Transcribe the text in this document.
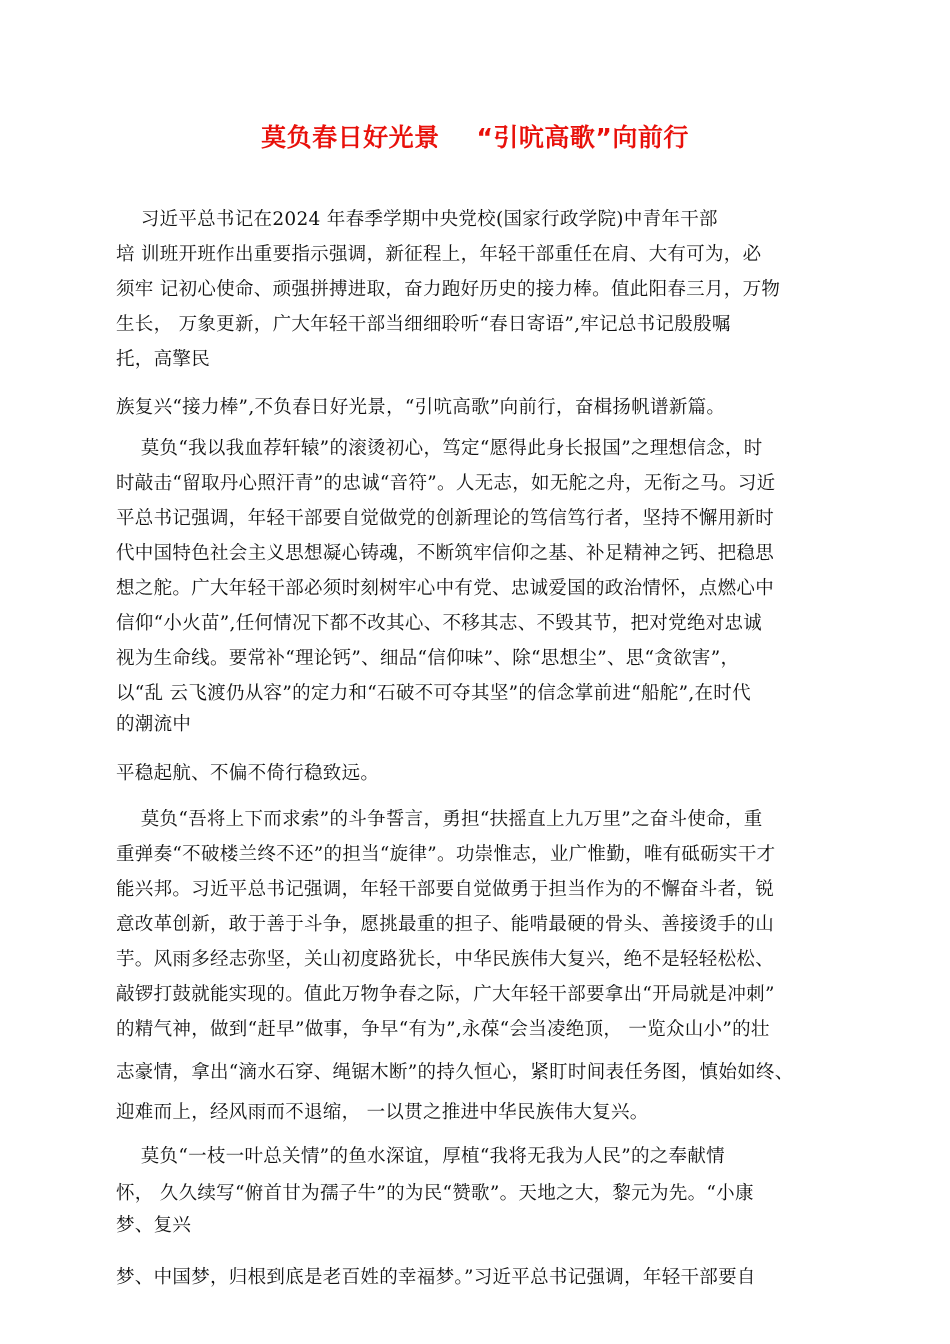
莫负春日好光景    “引吭高歌”向前行
习近平总书记在2024 年春季学期中央党校(国家行政学院)中青年干部
培 训班开班作出重要指示强调，新征程上，年轻干部重任在肩、大有可为，必
须牢 记初心使命、顽强拼搏进取，奋力跑好历史的接力棒。值此阳春三月，万物
生长， 万象更新，广大年轻干部当细细聆听“春日寄语”,牢记总书记殷殷嘱
托，高擎民
族复兴“接力棒”,不负春日好光景，“引吭高歌”向前行，奋楫扬帆谱新篇。
莫负“我以我血荐轩辕”的滚烫初心，笃定“愿得此身长报国”之理想信念，时
时敲击“留取丹心照汗青”的忠诚“音符”。人无志，如无舵之舟，无衔之马。习近
平总书记强调，年轻干部要自觉做党的创新理论的笃信笃行者，坚持不懈用新时
代中国特色社会主义思想凝心铸魂，不断筑牢信仰之基、补足精神之钙、把稳思
想之舵。广大年轻干部必须时刻树牢心中有党、忠诚爱国的政治情怀，点燃心中
信仰“小火苗”,任何情况下都不改其心、不移其志、不毁其节，把对党绝对忠诚
视为生命线。要常补“理论钙”、细品“信仰味”、除“思想尘”、思“贪欲害”，
以“乱 云飞渡仍从容”的定力和“石破不可夺其坚”的信念掌前进“船舵”,在时代
的潮流中
平稳起航、不偏不倚行稳致远。
莫负“吾将上下而求索”的斗争誓言，勇担“扶摇直上九万里”之奋斗使命，重
重弹奏“不破楼兰终不还”的担当“旋律”。功崇惟志，业广惟勤，唯有砥砺实干才
能兴邦。习近平总书记强调，年轻干部要自觉做勇于担当作为的不懈奋斗者，锐
意改革创新，敢于善于斗争，愿挑最重的担子、能啃最硬的骨头、善接烫手的山
芋。风雨多经志弥坚，关山初度路犹长，中华民族伟大复兴，绝不是轻轻松松、
敲锣打鼓就能实现的。值此万物争春之际，广大年轻干部要拿出“开局就是冲刺”
的精气神，做到“赶早”做事，争早“有为”,永葆“会当凌绝顶， 一览众山小”的壮
志豪情，拿出“滴水石穿、绳锯木断”的持久恒心，紧盯时间表任务图，慎始如终、
迎难而上，经风雨而不退缩， 一以贯之推进中华民族伟大复兴。
莫负“一枝一叶总关情”的鱼水深谊，厚植“我将无我为人民”的之奉献情
怀， 久久续写“俯首甘为孺子牛”的为民“赞歌”。天地之大，黎元为先。“小康
梦、复兴
梦、中国梦，归根到底是老百姓的幸福梦。”习近平总书记强调，年轻干部要自
